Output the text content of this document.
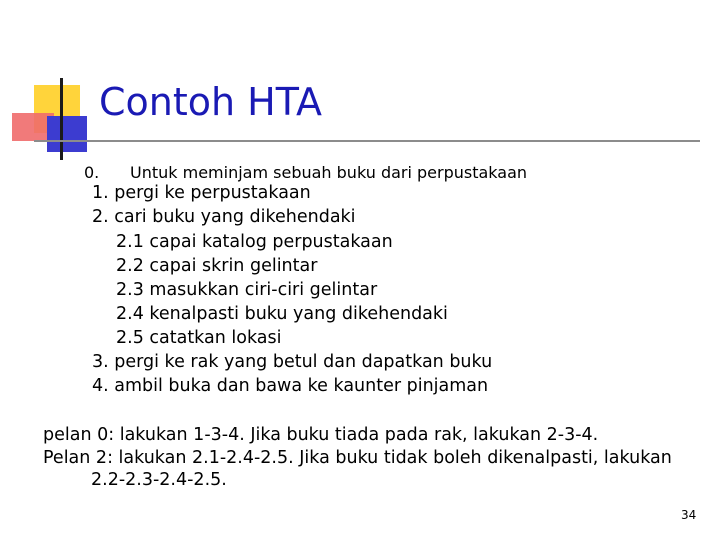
Contoh HTA
0. Untuk meminjam sebuah buku dari perpustakaan
1. pergi ke perpustakaan
2. cari buku yang dikehendaki
2.1 capai katalog perpustakaan
2.2 capai skrin gelintar
2.3 masukkan ciri-ciri gelintar
2.4 kenalpasti buku yang dikehendaki
2.5 catatkan lokasi
3. pergi ke rak yang betul dan dapatkan buku
4. ambil buka dan bawa ke kaunter pinjaman
pelan 0: lakukan 1-3-4. Jika buku tiada pada rak, lakukan 2-3-4.
Pelan 2: lakukan 2.1-2.4-2.5. Jika buku tidak boleh dikenalpasti, lakukan
2.2-2.3-2.4-2.5.
34
